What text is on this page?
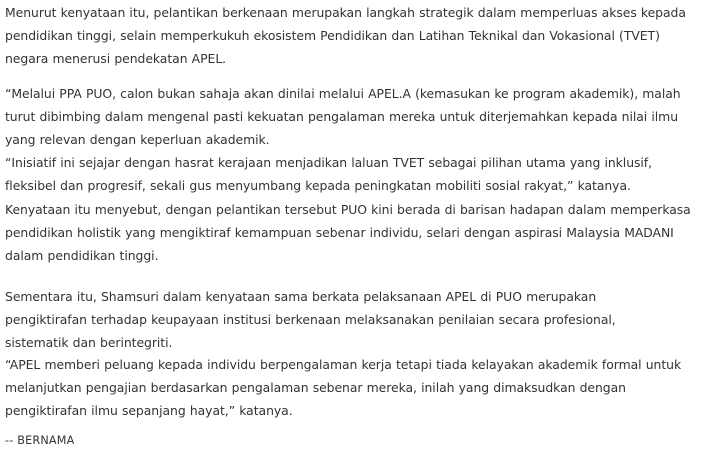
Menurut kenyataan itu, pelantikan berkenaan merupakan langkah strategik dalam memperluas akses kepada pendidikan tinggi, selain memperkukuh ekosistem Pendidikan dan Latihan Teknikal dan Vokasional (TVET) negara menerusi pendekatan APEL.

“Melalui PPA PUO, calon bukan sahaja akan dinilai melalui APEL.A (kemasukan ke program akademik), malah turut dibimbing dalam mengenal pasti kekuatan pengalaman mereka untuk diterjemahkan kepada nilai ilmu yang relevan dengan keperluan akademik.

“Inisiatif ini sejajar dengan hasrat kerajaan menjadikan laluan TVET sebagai pilihan utama yang inklusif, fleksibel dan progresif, sekali gus menyumbang kepada peningkatan mobiliti sosial rakyat,” katanya.

Kenyataan itu menyebut, dengan pelantikan tersebut PUO kini berada di barisan hadapan dalam memperkasa pendidikan holistik yang mengiktiraf kemampuan sebenar individu, selari dengan aspirasi Malaysia MADANI dalam pendidikan tinggi.

Sementara itu, Shamsuri dalam kenyataan sama berkata pelaksanaan APEL di PUO merupakan pengiktirafan terhadap keupayaan institusi berkenaan melaksanakan penilaian secara profesional, sistematik dan berintegriti.

“APEL memberi peluang kepada individu berpengalaman kerja tetapi tiada kelayakan akademik formal untuk melanjutkan pengajian berdasarkan pengalaman sebenar mereka, inilah yang dimaksudkan dengan pengiktirafan ilmu sepanjang hayat,” katanya.

-- BERNAMA
